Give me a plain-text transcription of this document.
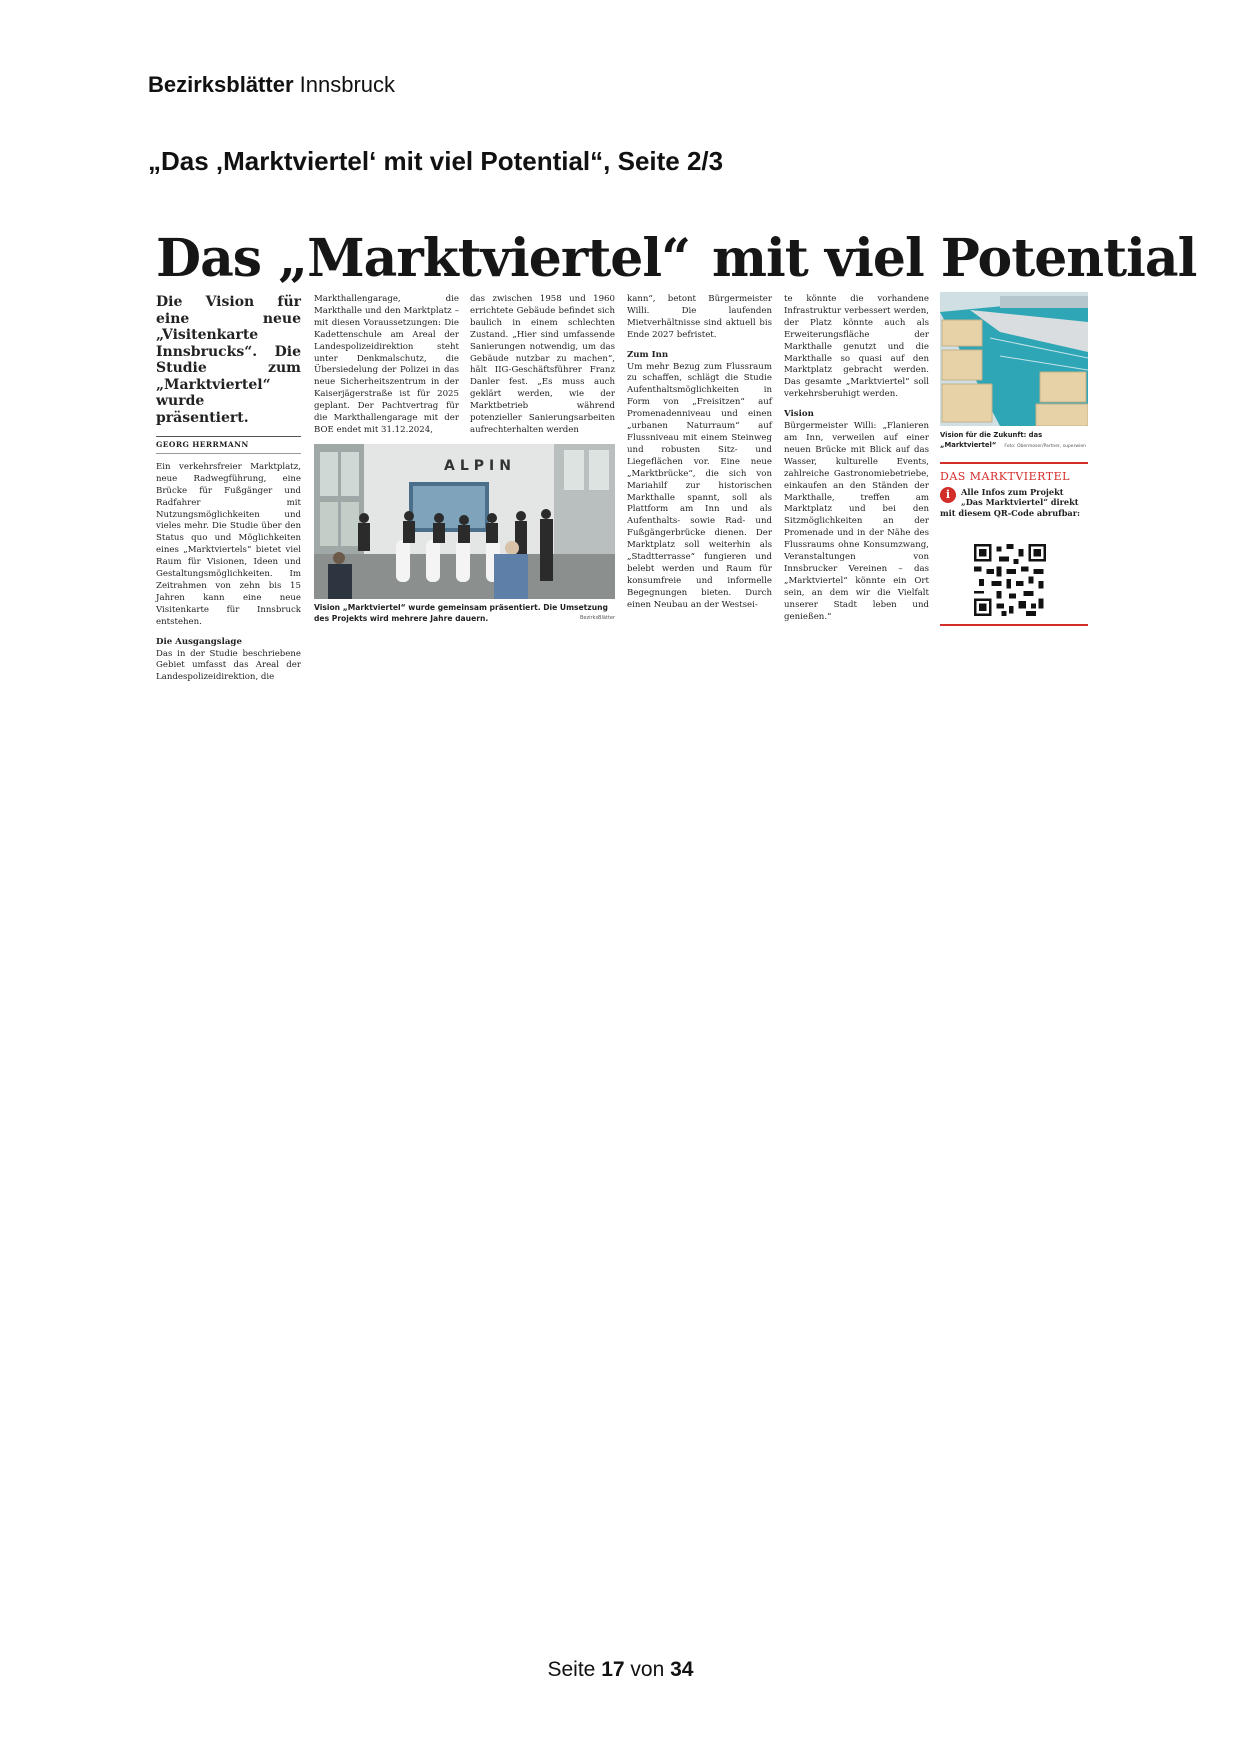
Bezirksblätter Innsbruck
„Das ‚Marktviertel‘ mit viel Potential“, Seite 2/3
Das „Marktviertel“ mit viel Potential
Die Vision für eine neue „Visitenkarte Innsbrucks“. Die Studie zum „Marktviertel“ wurde präsentiert.
GEORG HERRMANN

Ein verkehrsfreier Marktplatz, neue Radwegführung, eine Brücke für Fußgänger und Radfahrer mit Nutzungsmöglichkeiten und vieles mehr. Die Studie über den Status quo und Möglichkeiten eines „Marktviertels“ bietet viel Raum für Visionen, Ideen und Gestaltungsmöglichkeiten. Im Zeitrahmen von zehn bis 15 Jahren kann eine neue Visitenkarte für Innsbruck entstehen.

Die Ausgangslage

Das in der Studie beschriebene Gebiet umfasst das Areal der Landespolizeidirektion, die

Markthallengarage, die Markthalle und den Marktplatz – mit diesen Voraussetzungen: Die Kadettenschule am Areal der Landespolizeidirektion steht unter Denkmalschutz, die Übersiedelung der Polizei in das neue Sicherheitszentrum in der Kaiserjägerstraße ist für 2025 geplant. Der Pachtvertrag für die Markthallengarage mit der BOE endet mit 31.12.2024,

das zwischen 1958 und 1960 errichtete Gebäude befindet sich baulich in einem schlechten Zustand. „Hier sind umfassende Sanierungen notwendig, um das Gebäude nutzbar zu machen“, hält IIG-Geschäftsführer Franz Danler fest. „Es muss auch geklärt werden, wie der Marktbetrieb während potenzieller Sanierungsarbeiten aufrechterhalten werden

ALPIN
Vision „Marktviertel“ wurde gemeinsam präsentiert. Die Umsetzung des Projekts wird mehrere Jahre dauern.	BezirksBlätter

kann“, betont Bürgermeister Willi. Die laufenden Mietverhältnisse sind aktuell bis Ende 2027 befristet.

Zum Inn

Um mehr Bezug zum Flussraum zu schaffen, schlägt die Studie Aufenthaltsmöglichkeiten in Form von „Freisitzen“ auf Promenadenniveau und einen „urbanen Naturraum“ auf Flussniveau mit einem Steinweg und robusten Sitz- und Liegeflächen vor. Eine neue „Marktbrücke“, die sich von Mariahilf zur historischen Markthalle spannt, soll als Plattform am Inn und als Aufenthalts- sowie Rad- und Fußgängerbrücke dienen. Der Marktplatz soll weiterhin als „Stadtterrasse“ fungieren und belebt werden und Raum für konsumfreie und informelle Begegnungen bieten. Durch einen Neubau an der Westsei-

te könnte die vorhandene Infrastruktur verbessert werden, der Platz könnte auch als Erweiterungsfläche der Markthalle genutzt und die Markthalle so quasi auf den Marktplatz gebracht werden. Das gesamte „Marktviertel“ soll verkehrsberuhigt werden.

Vision

Bürgermeister Willi: „Flanieren am Inn, verweilen auf einer neuen Brücke mit Blick auf das Wasser, kulturelle Events, zahlreiche Gastronomiebetriebe, einkaufen an den Ständen der Markthalle, treffen am Marktplatz und bei den Sitzmöglichkeiten an der Promenade und in der Nähe des Flussraums ohne Konsumzwang, Veranstaltungen von Innsbrucker Vereinen – das „Marktviertel“ könnte ein Ort sein, an dem wir die Vielfalt unserer Stadt leben und genießen.“

Vision für die Zukunft: das „Marktviertel“ Foto: Obermoser/Partner, superwien
DAS MARKTVIERTEL
i	Alle Infos zum Projekt „Das Marktviertel“ direkt mit diesem QR-Code abrufbar:
Seite 17 von 34
